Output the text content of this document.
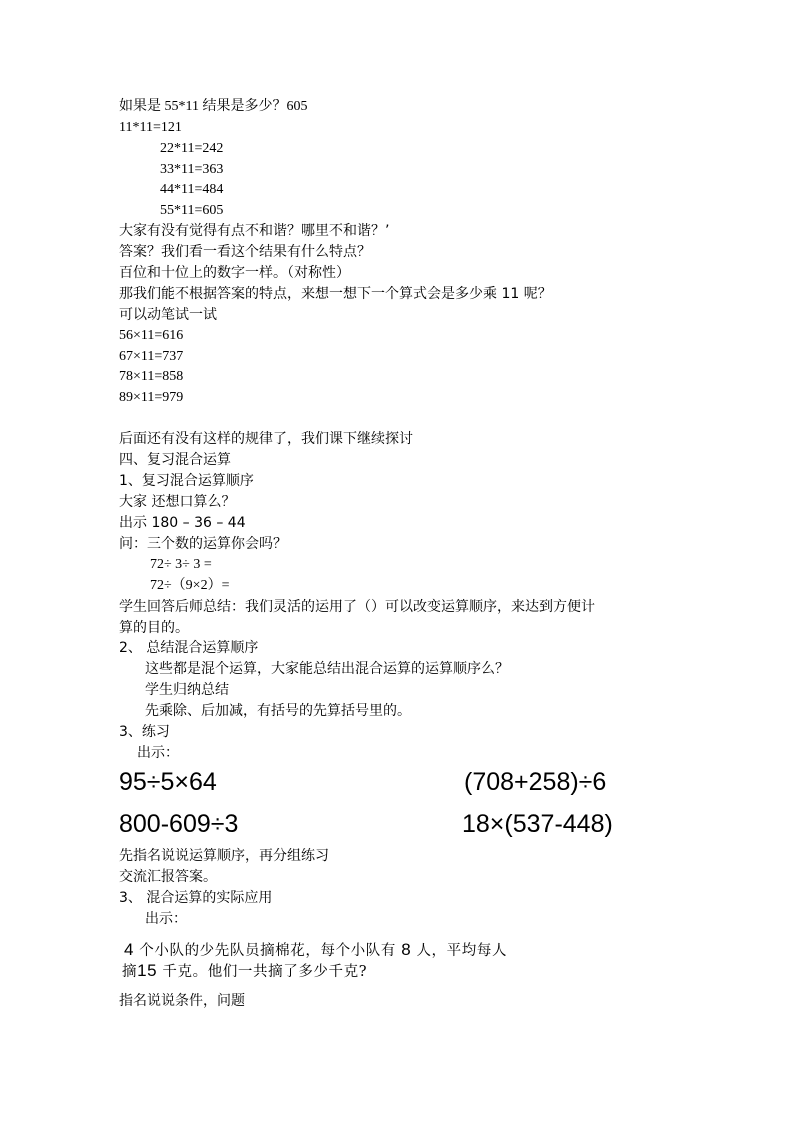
如果是 55*11 结果是多少？605
11*11=121
22*11=242
33*11=363
44*11=484
55*11=605
大家有没有觉得有点不和谐？哪里不和谐？’
答案？我们看一看这个结果有什么特点？
百位和十位上的数字一样。（对称性）
那我们能不根据答案的特点，来想一想下一个算式会是多少乘 11 呢？
可以动笔试一试
56×11=616
67×11=737
78×11=858
89×11=979
后面还有没有这样的规律了，我们课下继续探讨
四、复习混合运算
1、复习混合运算顺序
大家 还想口算么？
出示 180 – 36 – 44
问：三个数的运算你会吗？
72÷ 3÷ 3 =
72÷（9×2）=
学生回答后师总结：我们灵活的运用了（）可以改变运算顺序，来达到方便计
算的目的。
2、 总结混合运算顺序
这些都是混个运算，大家能总结出混合运算的运算顺序么？
学生归纳总结
先乘除、后加减，有括号的先算括号里的。
3、练习
出示：
95÷5×64	(708+258)÷6
800-609÷3	18×(537-448)
先指名说说运算顺序，再分组练习
交流汇报答案。
3、 混合运算的实际应用
出示：
4 个小队的少先队员摘棉花，每个小队有 8 人，平均每人
摘15 千克。他们一共摘了多少千克?
指名说说条件，问题
